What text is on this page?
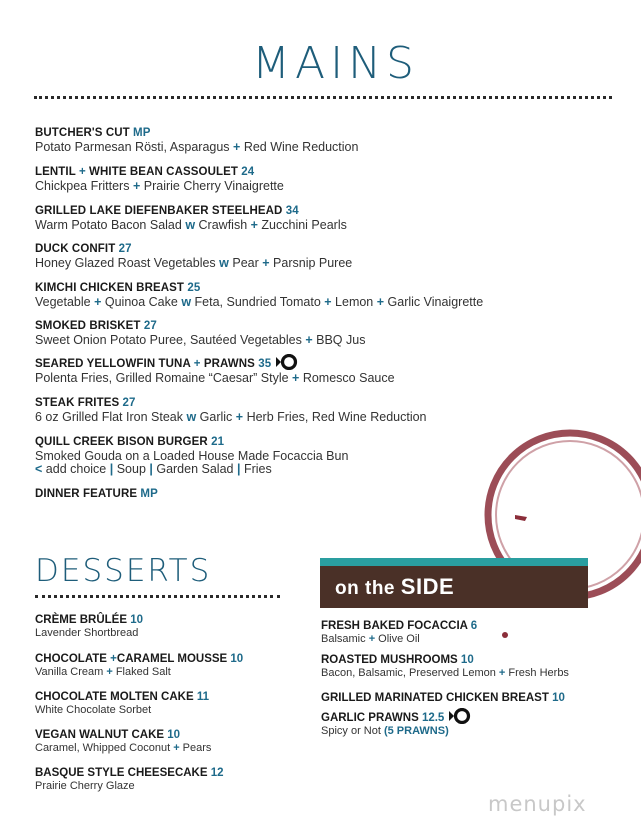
MAINS
BUTCHER'S CUT MP
Potato Parmesan Rösti, Asparagus + Red Wine Reduction
LENTIL + WHITE BEAN CASSOULET 24
Chickpea Fritters + Prairie Cherry Vinaigrette
GRILLED LAKE DIEFENBAKER STEELHEAD 34
Warm Potato Bacon Salad w Crawfish + Zucchini Pearls
DUCK CONFIT 27
Honey Glazed Roast Vegetables w Pear + Parsnip Puree
KIMCHI CHICKEN BREAST 25
Vegetable + Quinoa Cake w Feta, Sundried Tomato + Lemon + Garlic Vinaigrette
SMOKED BRISKET 27
Sweet Onion Potato Puree, Sautéed Vegetables + BBQ Jus
SEARED YELLOWFIN TUNA + PRAWNS 35
Polenta Fries, Grilled Romaine “Caesar” Style + Romesco Sauce
STEAK FRITES 27
6 oz Grilled Flat Iron Steak w Garlic + Herb Fries, Red Wine Reduction
QUILL CREEK BISON BURGER 21
Smoked Gouda on a Loaded House Made Focaccia Bun
< add choice | Soup | Garden Salad | Fries
DINNER FEATURE MP
DESSERTS
CRÈME BRÛLÉE 10
Lavender Shortbread
CHOCOLATE +CARAMEL MOUSSE 10
Vanilla Cream + Flaked Salt
CHOCOLATE MOLTEN CAKE 11
White Chocolate Sorbet
VEGAN WALNUT CAKE 10
Caramel, Whipped Coconut + Pears
BASQUE STYLE CHEESECAKE 12
Prairie Cherry Glaze
on the SIDE
FRESH BAKED FOCACCIA 6
Balsamic + Olive Oil
ROASTED MUSHROOMS 10
Bacon, Balsamic, Preserved Lemon + Fresh Herbs
GRILLED MARINATED CHICKEN BREAST 10
GARLIC PRAWNS 12.5
Spicy or Not (5 PRAWNS)
menupix
